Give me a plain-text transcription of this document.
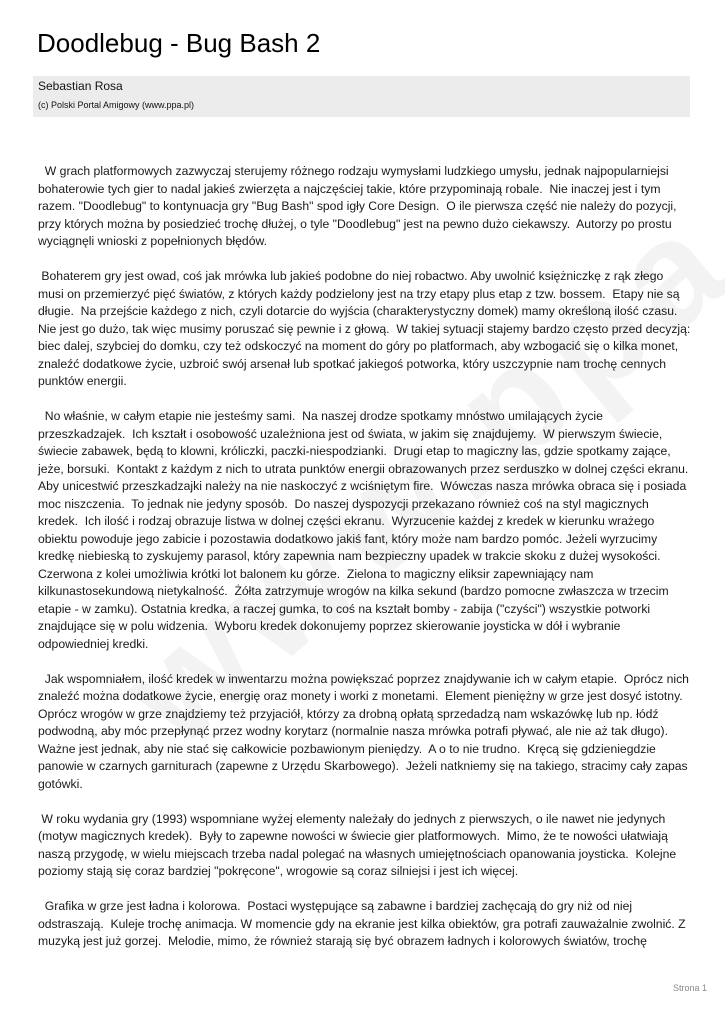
Doodlebug - Bug Bash 2
Sebastian Rosa
(c) Polski Portal Amigowy (www.ppa.pl)

W grach platformowych zazwyczaj sterujemy różnego rodzaju wymysłami ludzkiego umysłu, jednak najpopularniejsi bohaterowie tych gier to nadal jakieś zwierzęta a najczęściej takie, które przypominają robale.  Nie inaczej jest i tym razem. "Doodlebug" to kontynuacja gry "Bug Bash" spod igły Core Design.  O ile pierwsza część nie należy do pozycji, przy których można by posiedzieć trochę dłużej, o tyle "Doodlebug" jest na pewno dużo ciekawszy.  Autorzy po prostu wyciągnęli wnioski z popełnionych błędów.

Bohaterem gry jest owad, coś jak mrówka lub jakieś podobne do niej robactwo. Aby uwolnić księżniczkę z rąk złego musi on przemierzyć pięć światów, z których każdy podzielony jest na trzy etapy plus etap z tzw. bossem.  Etapy nie są długie.  Na przejście każdego z nich, czyli dotarcie do wyjścia (charakterystyczny domek) mamy określoną ilość czasu. Nie jest go dużo, tak więc musimy poruszać się pewnie i z głową.  W takiej sytuacji stajemy bardzo często przed decyzją:  biec dalej, szybciej do domku, czy też odskoczyć na moment do góry po platformach, aby wzbogacić się o kilka monet, znaleźć dodatkowe życie, uzbroić swój arsenał lub spotkać jakiegoś potworka, który uszczypnie nam trochę cennych punktów energii.

No właśnie, w całym etapie nie jesteśmy sami.  Na naszej drodze spotkamy mnóstwo umilających życie przeszkadzajek.  Ich kształt i osobowość uzależniona jest od świata, w jakim się znajdujemy.  W pierwszym świecie, świecie zabawek, będą to klowni, króliczki, paczki-niespodzianki.  Drugi etap to magiczny las, gdzie spotkamy zające, jeże, borsuki.  Kontakt z każdym z nich to utrata punktów energii obrazowanych przez serduszko w dolnej części ekranu.  Aby unicestwić przeszkadzajki należy na nie naskoczyć z wciśniętym fire.  Wówczas nasza mrówka obraca się i posiada moc niszczenia.  To jednak nie jedyny sposób.  Do naszej dyspozycji przekazano również coś na styl magicznych kredek.  Ich ilość i rodzaj obrazuje listwa w dolnej części ekranu.  Wyrzucenie każdej z kredek w kierunku wrażego obiektu powoduje jego zabicie i pozostawia dodatkowo jakiś fant, który może nam bardzo pomóc. Jeżeli wyrzucimy kredkę niebieską to zyskujemy parasol, który zapewnia nam bezpieczny upadek w trakcie skoku z dużej wysokości.  Czerwona z kolei umożliwia krótki lot balonem ku górze.  Zielona to magiczny eliksir zapewniający nam kilkunastosekundową nietykalność.  Żółta zatrzymuje wrogów na kilka sekund (bardzo pomocne zwłaszcza w trzecim etapie - w zamku). Ostatnia kredka, a raczej gumka, to coś na kształt bomby - zabija ("czyści") wszystkie potworki znajdujące się w polu widzenia.  Wyboru kredek dokonujemy poprzez skierowanie joysticka w dół i wybranie odpowiedniej kredki.

Jak wspomniałem, ilość kredek w inwentarzu można powiększać poprzez znajdywanie ich w całym etapie.  Oprócz nich znaleźć można dodatkowe życie, energię oraz monety i worki z monetami.  Element pieniężny w grze jest dosyć istotny.  Oprócz wrogów w grze znajdziemy też przyjaciół, którzy za drobną opłatą sprzedadzą nam wskazówkę lub np. łódź podwodną, aby móc przepłynąć przez wodny korytarz (normalnie nasza mrówka potrafi pływać, ale nie aż tak długo).  Ważne jest jednak, aby nie stać się całkowicie pozbawionym pieniędzy.  A o to nie trudno.  Kręcą się gdzieniegdzie panowie w czarnych garniturach (zapewne z Urzędu Skarbowego).  Jeżeli natkniemy się na takiego, stracimy cały zapas gotówki.

W roku wydania gry (1993) wspomniane wyżej elementy należały do jednych z pierwszych, o ile nawet nie jedynych (motyw magicznych kredek).  Były to zapewne nowości w świecie gier platformowych.  Mimo, że te nowości ułatwiają naszą przygodę, w wielu miejscach trzeba nadal polegać na własnych umiejętnościach opanowania joysticka.  Kolejne poziomy stają się coraz bardziej "pokręcone", wrogowie są coraz silniejsi i jest ich więcej.

Grafika w grze jest ładna i kolorowa.  Postaci występujące są zabawne i bardziej zachęcają do gry niż od niej odstraszają.  Kuleje trochę animacja. W momencie gdy na ekranie jest kilka obiektów, gra potrafi zauważalnie zwolnić. Z muzyką jest już gorzej.  Melodie, mimo, że również starają się być obrazem ładnych i kolorowych światów, trochę

Strona 1
